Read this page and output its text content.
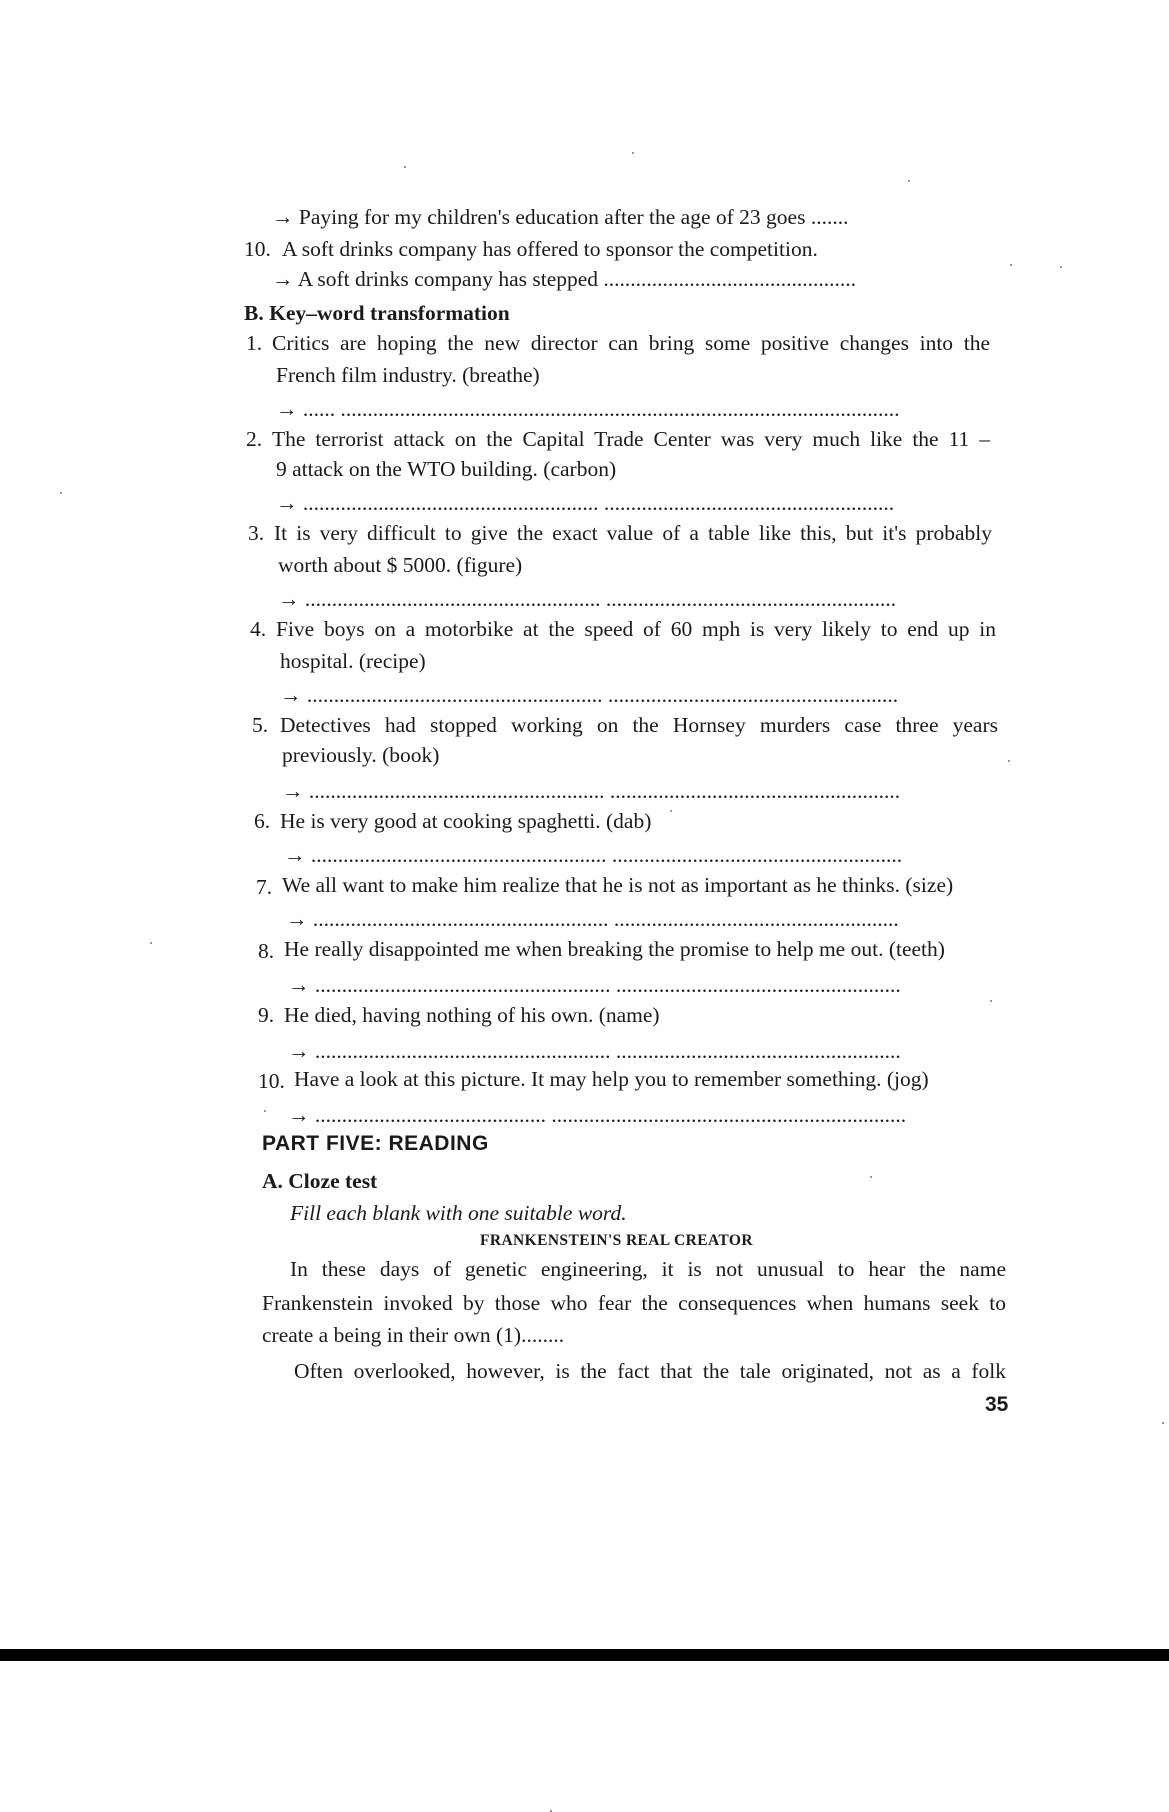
→ Paying for my children's education after the age of 23 goes .......
10. A soft drinks company has offered to sponsor the competition.
→ A soft drinks company has stepped ...............................................
B. Key–word transformation
1. Critics are hoping the new director can bring some positive changes into the
French film industry. (breathe)
→ ...... ........................................................................................................
2. The terrorist attack on the Capital Trade Center was very much like the 11 –
9 attack on the WTO building. (carbon)
→ ....................................................... ......................................................
3. It is very difficult to give the exact value of a table like this, but it's probably
worth about $ 5000. (figure)
→ ....................................................... ......................................................
4. Five boys on a motorbike at the speed of 60 mph is very likely to end up in
hospital. (recipe)
→ ....................................................... ......................................................
5. Detectives had stopped working on the Hornsey murders case three years
previously. (book)
→ ....................................................... ......................................................
6. He is very good at cooking spaghetti. (dab)
→ ....................................................... ......................................................
7. We all want to make him realize that he is not as important as he thinks. (size)
→ ....................................................... .....................................................
8. He really disappointed me when breaking the promise to help me out. (teeth)
→ ....................................................... .....................................................
9. He died, having nothing of his own. (name)
→ ....................................................... .....................................................
10. Have a look at this picture. It may help you to remember something. (jog)
→ ........................................... ..................................................................
PART FIVE: READING
A. Cloze test
Fill each blank with one suitable word.
FRANKENSTEIN'S REAL CREATOR
In these days of genetic engineering, it is not unusual to hear the name
Frankenstein invoked by those who fear the consequences when humans seek to
create a being in their own (1)........
Often overlooked, however, is the fact that the tale originated, not as a folk
35
